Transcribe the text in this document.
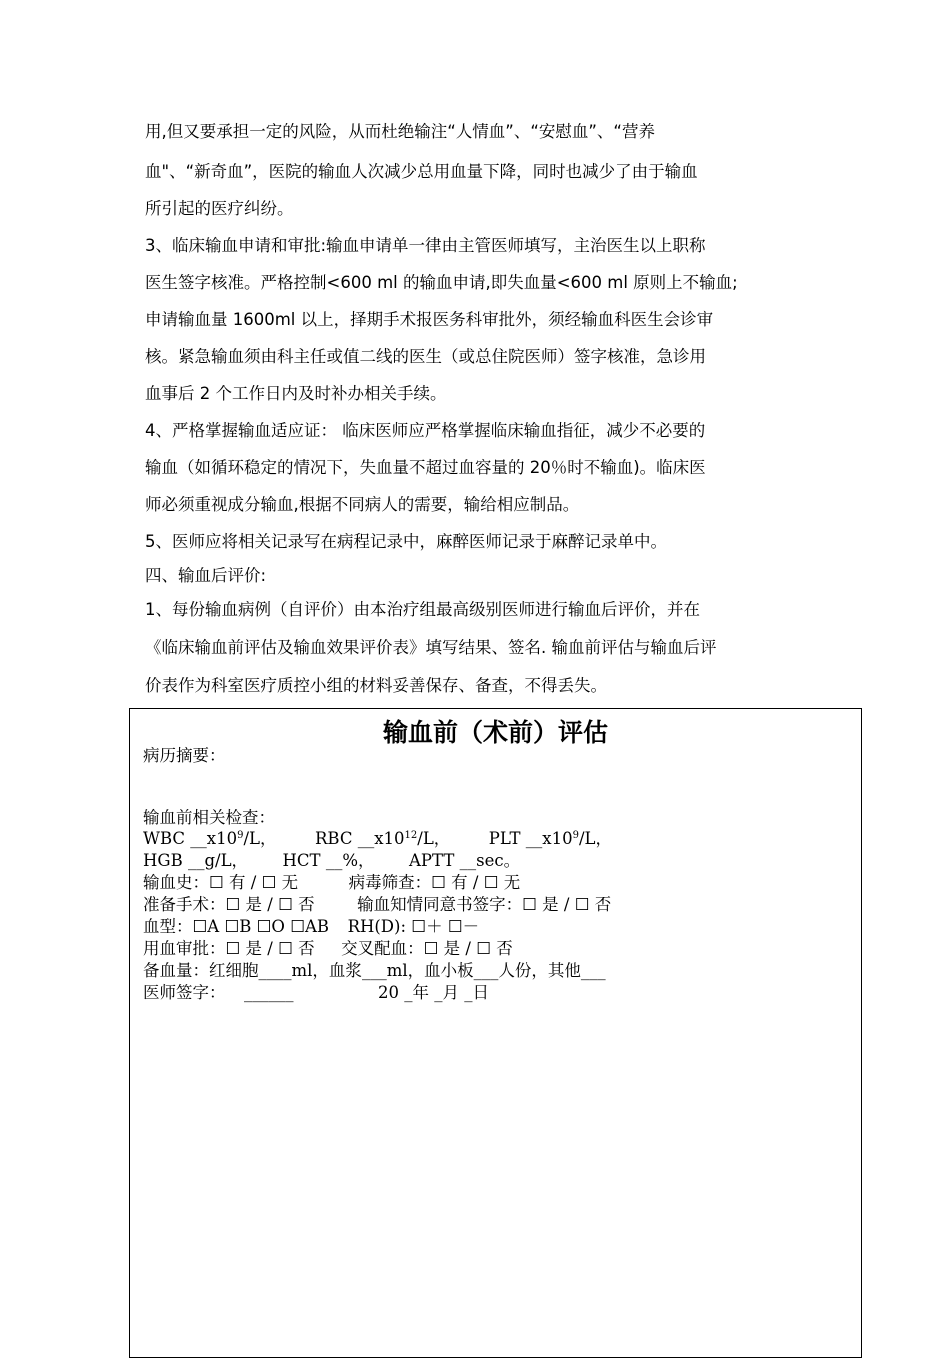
用,但又要承担一定的风险，从而杜绝输注“人情血”、“安慰血”、“营养

血"、“新奇血”，医院的输血人次减少总用血量下降，同时也减少了由于输血

所引起的医疗纠纷。

3、临床输血申请和审批:输血申请单一律由主管医师填写，主治医生以上职称

医生签字核准。严格控制<600 ml 的输血申请,即失血量<600 ml 原则上不输血;

申请输血量 1600ml 以上，择期手术报医务科审批外，须经输血科医生会诊审

核。紧急输血须由科主任或值二线的医生（或总住院医师）签字核准，急诊用

血事后 2 个工作日内及时补办相关手续。

4、严格掌握输血适应证： 临床医师应严格掌握临床输血指征，减少不必要的

输血（如循环稳定的情况下，失血量不超过血容量的 20％时不输血)。临床医

师必须重视成分输血,根据不同病人的需要，输给相应制品。

5、医师应将相关记录写在病程记录中，麻醉医师记录于麻醉记录单中。

四、输血后评价:

1、每份输血病例（自评价）由本治疗组最高级别医师进行输血后评价，并在

《临床输血前评估及输血效果评价表》填写结果、签名. 输血前评估与输血后评

价表作为科室医疗质控小组的材料妥善保存、备查，不得丢失。

输血前（术前）评估
病历摘要：
输血前相关检查：
WBC $\_\_x10^9/L$， RBC $\_\_x10^{12}/L$， PLT $\_\_x10^9/L$，
HGB __g/L， HCT __%， APTT __sec。
输血史：☐ 有 / ☐ 无	病毒筛查：☐ 有 / ☐ 无
准备手术：☐ 是 / ☐ 否	输血知情同意书签字：☐ 是 / ☐ 否
血型：☐A ☐B ☐O ☐AB RH(D): ☐＋ ☐－
用血审批：☐ 是 / ☐ 否 交叉配血：☐ 是 / ☐ 否
备血量：红细胞____ml，血浆___ml，血小板___人份，其他___
医师签字： ______	20 _年 _月 _日
